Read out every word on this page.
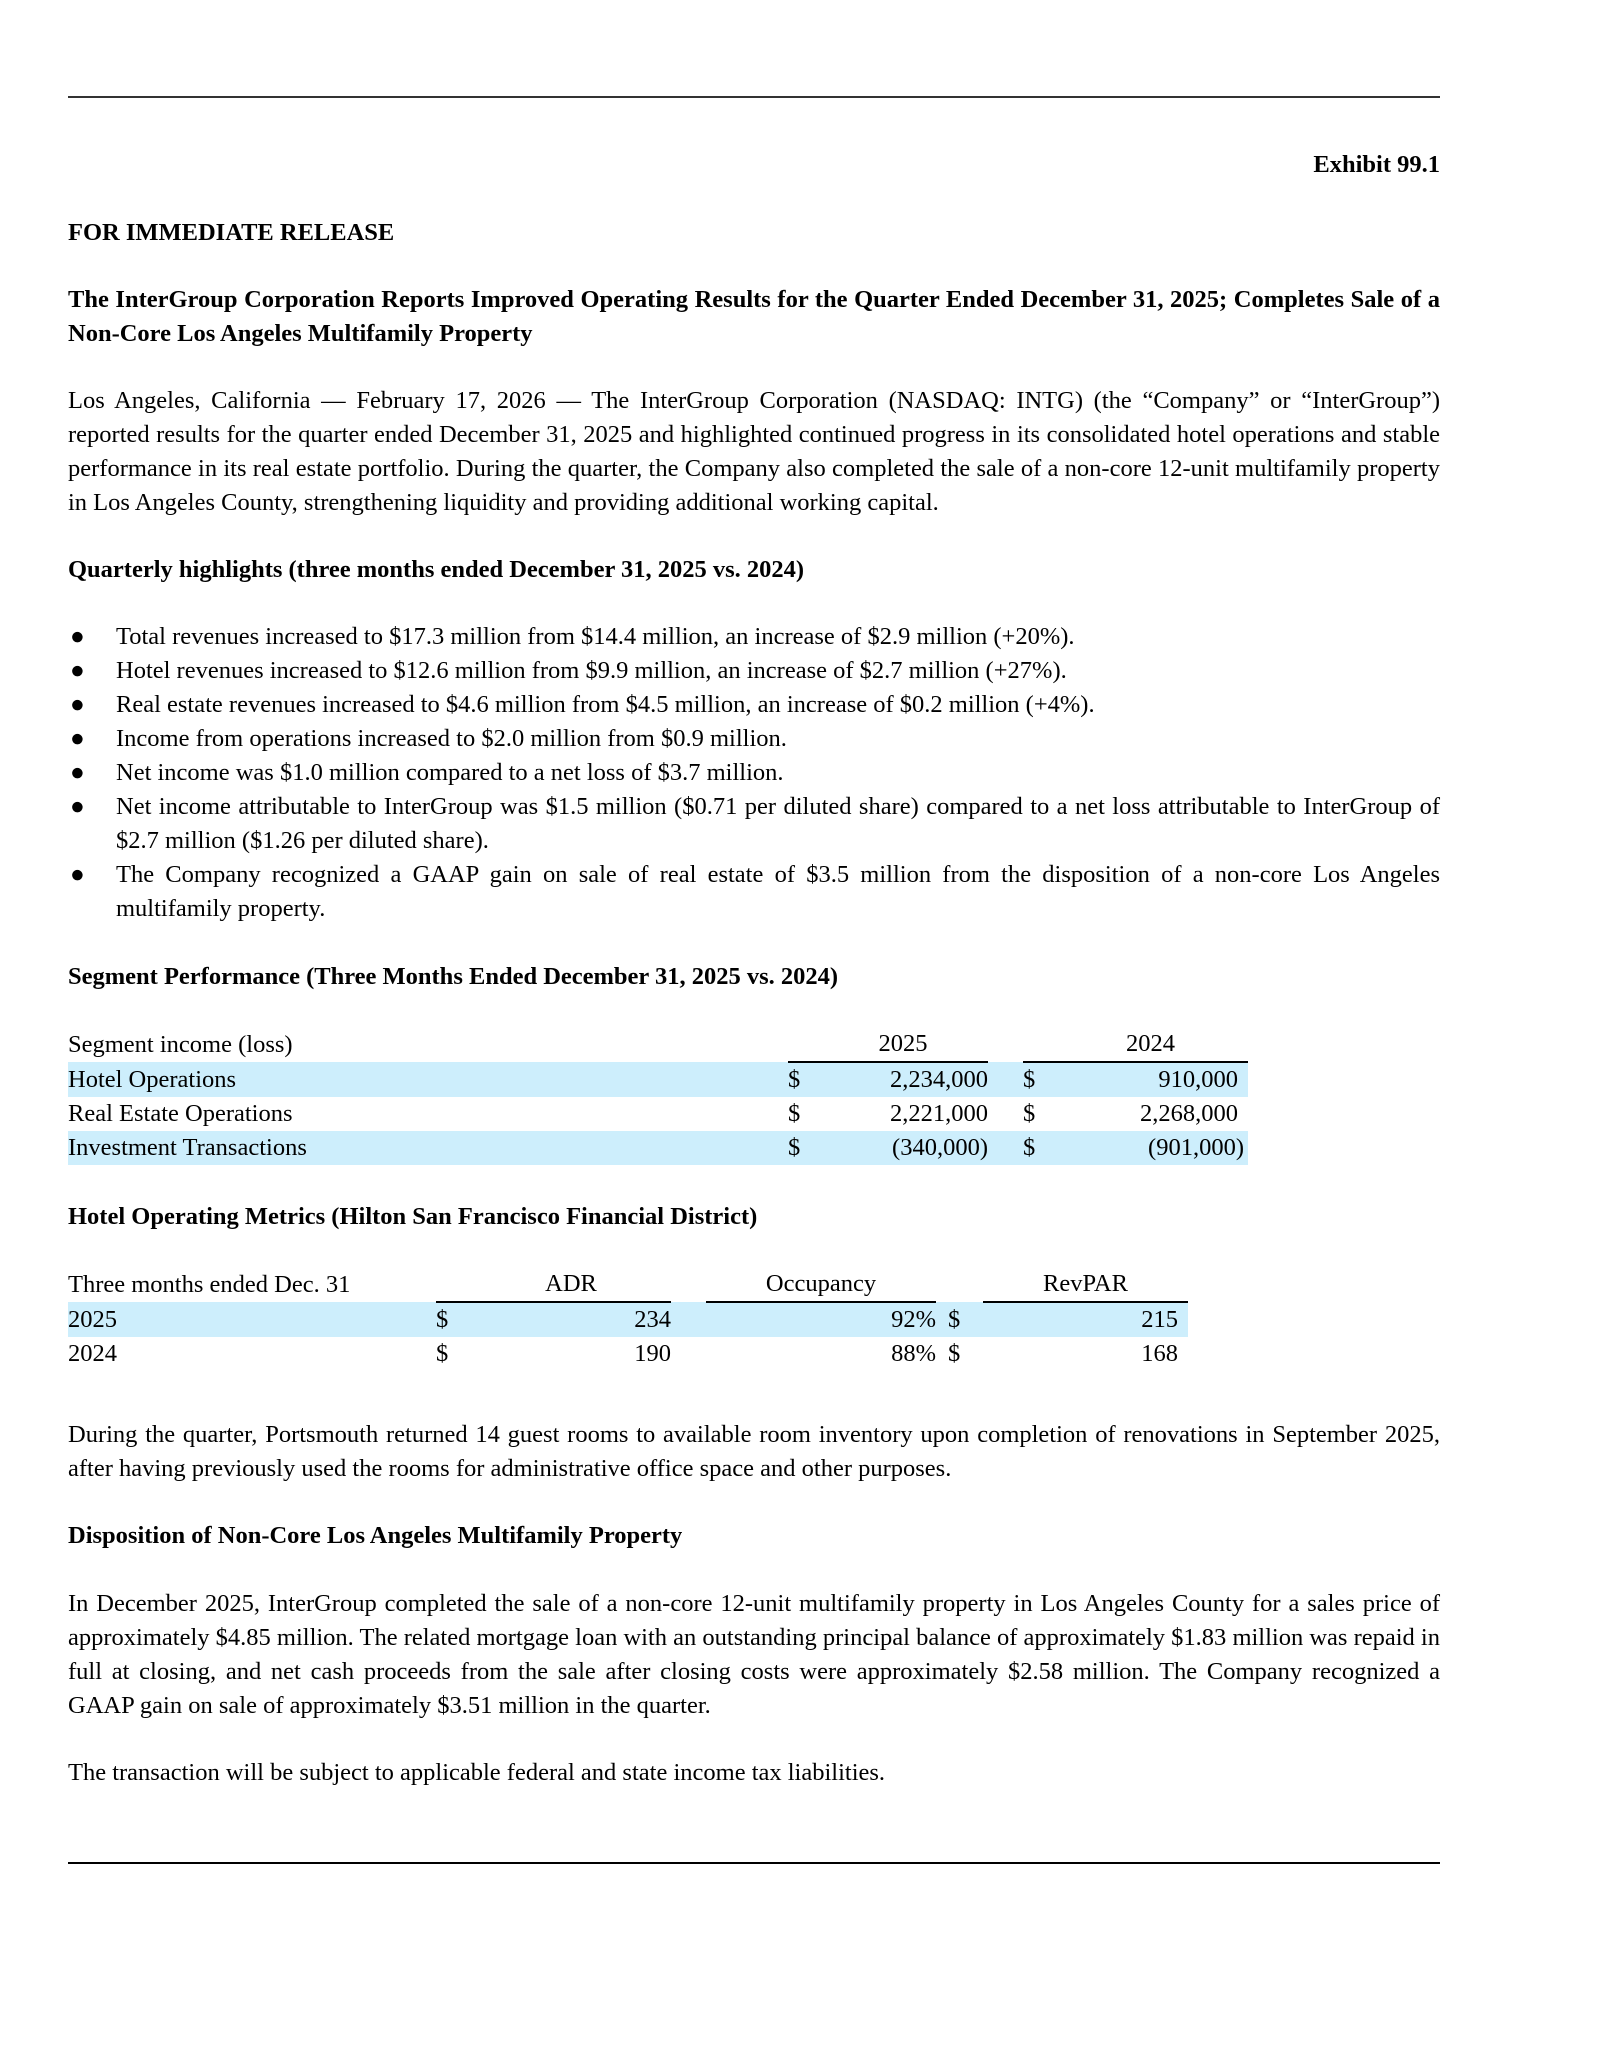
Exhibit 99.1
FOR IMMEDIATE RELEASE
The InterGroup Corporation Reports Improved Operating Results for the Quarter Ended December 31, 2025; Completes Sale of a Non-Core Los Angeles Multifamily Property
Los Angeles, California — February 17, 2026 — The InterGroup Corporation (NASDAQ: INTG) (the “Company” or “InterGroup”) reported results for the quarter ended December 31, 2025 and highlighted continued progress in its consolidated hotel operations and stable performance in its real estate portfolio. During the quarter, the Company also completed the sale of a non-core 12-unit multifamily property in Los Angeles County, strengthening liquidity and providing additional working capital.
Quarterly highlights (three months ended December 31, 2025 vs. 2024)
● Total revenues increased to $17.3 million from $14.4 million, an increase of $2.9 million (+20%).
● Hotel revenues increased to $12.6 million from $9.9 million, an increase of $2.7 million (+27%).
● Real estate revenues increased to $4.6 million from $4.5 million, an increase of $0.2 million (+4%).
● Income from operations increased to $2.0 million from $0.9 million.
● Net income was $1.0 million compared to a net loss of $3.7 million.
● Net income attributable to InterGroup was $1.5 million ($0.71 per diluted share) compared to a net loss attributable to InterGroup of $2.7 million ($1.26 per diluted share).
● The Company recognized a GAAP gain on sale of real estate of $3.5 million from the disposition of a non-core Los Angeles multifamily property.
Segment Performance (Three Months Ended December 31, 2025 vs. 2024)
Segment income (loss)		2025			2024
Hotel Operations	$	2,234,000		$	910,000
Real Estate Operations	$	2,221,000		$	2,268,000
Investment Transactions	$	(340,000)		$	(901,000)
Hotel Operating Metrics (Hilton San Francisco Financial District)
Three months ended Dec. 31		ADR		Occupancy		RevPAR
2025	$	234		92%	$	215
2024	$	190		88%	$	168
During the quarter, Portsmouth returned 14 guest rooms to available room inventory upon completion of renovations in September 2025, after having previously used the rooms for administrative office space and other purposes.
Disposition of Non-Core Los Angeles Multifamily Property
In December 2025, InterGroup completed the sale of a non-core 12-unit multifamily property in Los Angeles County for a sales price of approximately $4.85 million. The related mortgage loan with an outstanding principal balance of approximately $1.83 million was repaid in full at closing, and net cash proceeds from the sale after closing costs were approximately $2.58 million. The Company recognized a GAAP gain on sale of approximately $3.51 million in the quarter.
The transaction will be subject to applicable federal and state income tax liabilities.
